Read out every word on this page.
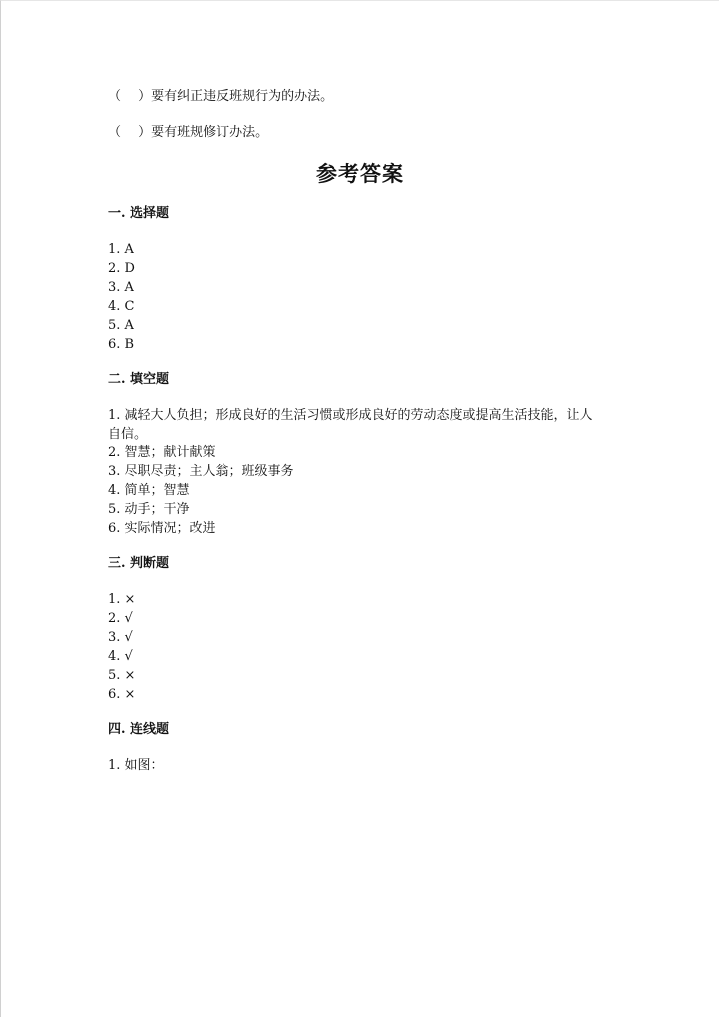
（　 ）要有纠正违反班规行为的办法。
（　 ）要有班规修订办法。
参考答案
一. 选择题
1. A
2. D
3. A
4. C
5. A
6. B
二. 填空题
1. 减轻大人负担；形成良好的生活习惯或形成良好的劳动态度或提高生活技能，让人自信。
2. 智慧；献计献策
3. 尽职尽责；主人翁；班级事务
4. 简单；智慧
5. 动手；干净
6. 实际情况；改进
三. 判断题
1. ×
2. √
3. √
4. √
5. ×
6. ×
四. 连线题
1. 如图：
